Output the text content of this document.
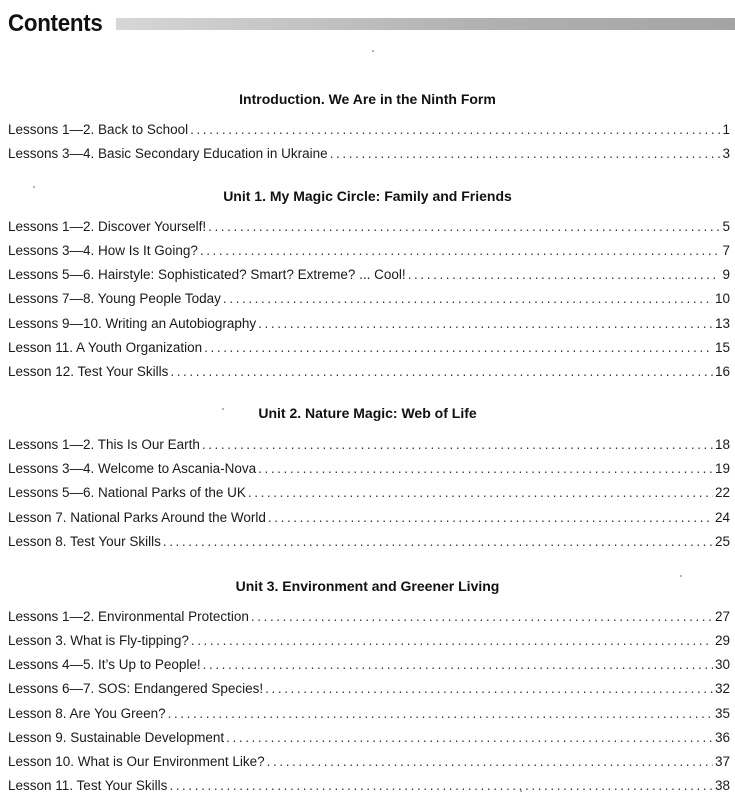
Contents
Introduction. We Are in the Ninth Form
Lessons 1—2. Back to School .....	1
Lessons 3—4. Basic Secondary Education in Ukraine .....	3
Unit 1. My Magic Circle: Family and Friends
Lessons 1—2. Discover Yourself! .....	5
Lessons 3—4. How Is It Going? .....	7
Lessons 5—6. Hairstyle: Sophisticated? Smart? Extreme? ... Cool! .....	9
Lessons 7—8. Young People Today .....	10
Lessons 9—10. Writing an Autobiography .....	13
Lesson 11. A Youth Organization .....	15
Lesson 12. Test Your Skills .....	16
Unit 2. Nature Magic: Web of Life
Lessons 1—2. This Is Our Earth .....	18
Lessons 3—4. Welcome to Ascania-Nova .....	19
Lessons 5—6. National Parks of the UK .....	22
Lesson 7. National Parks Around the World .....	24
Lesson 8. Test Your Skills .....	25
Unit 3. Environment and Greener Living
Lessons 1—2. Environmental Protection .....	27
Lesson 3. What is Fly-tipping? .....	29
Lessons 4—5. It’s Up to People! .....	30
Lessons 6—7. SOS: Endangered Species! .....	32
Lesson 8. Are You Green? .....	35
Lesson 9. Sustainable Development .....	36
Lesson 10. What is Our Environment Like? .....	37
Lesson 11. Test Your Skills .....	38
